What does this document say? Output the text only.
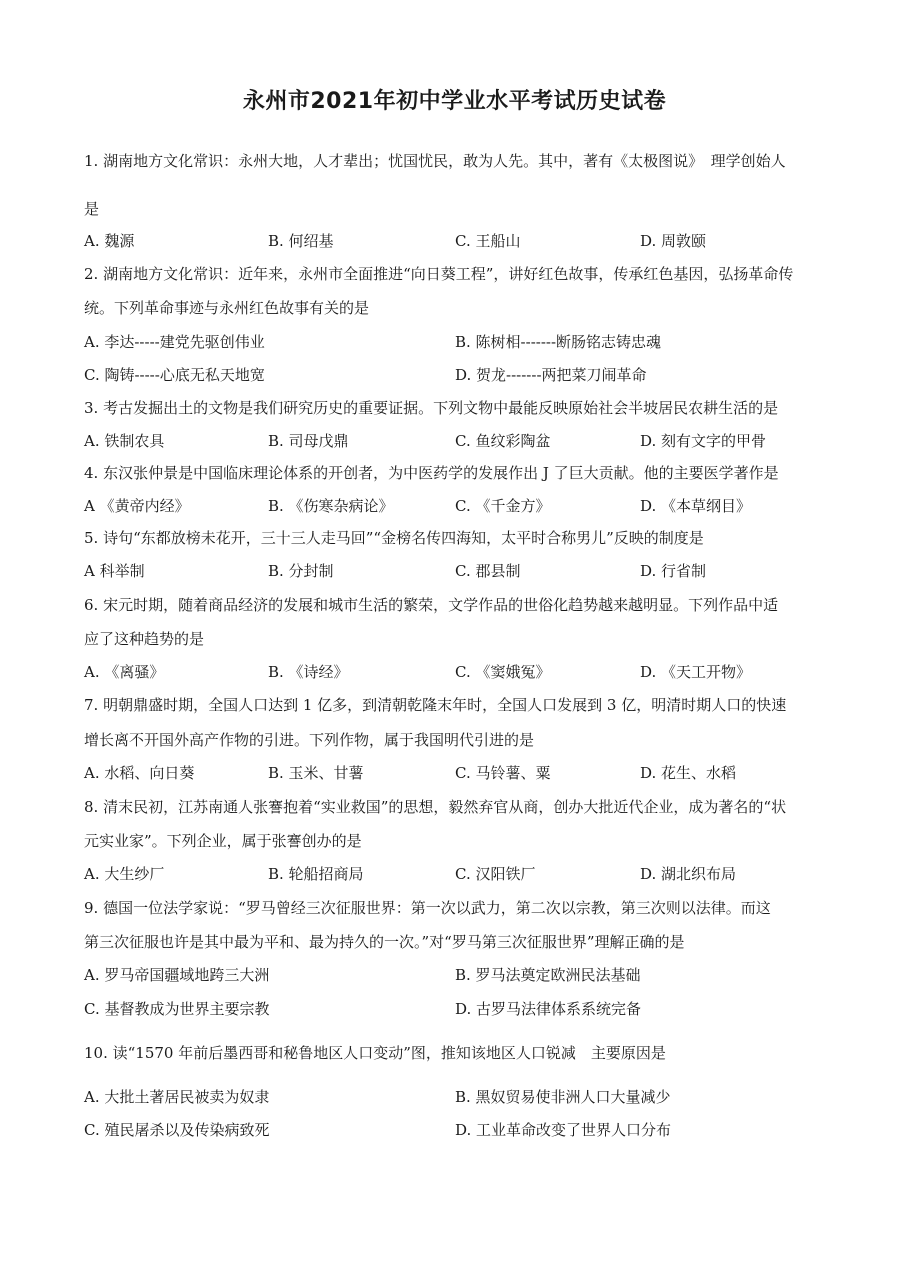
永州市2021年初中学业水平考试历史试卷
1. 湖南地方文化常识：永州大地，人才辈出；忧国忧民，敢为人先。其中，著有《太极图说》　理学创始人
是
A. 魏源	B. 何绍基	C. 王船山	D. 周敦颐
2. 湖南地方文化常识：近年来，永州市全面推进“向日葵工程”，讲好红色故事，传承红色基因，弘扬革命传
统。下列革命事迹与永州红色故事有关的是
A. 李达-----建党先驱创伟业	B. 陈树相-------断肠铭志铸忠魂
C. 陶铸-----心底无私天地宽	D. 贺龙-------两把菜刀闹革命
3. 考古发掘出土的文物是我们研究历史的重要证据。下列文物中最能反映原始社会半坡居民农耕生活的是
A. 铁制农具	B. 司母戊鼎	C. 鱼纹彩陶盆	D. 刻有文字的甲骨
4. 东汉张仲景是中国临床理论体系的开创者，为中医药学的发展作出 J 了巨大贡献。他的主要医学著作是
A 《黄帝内经》	B. 《伤寒杂病论》	C. 《千金方》	D. 《本草纲目》
5. 诗句“东都放榜未花开，三十三人走马回”“金榜名传四海知，太平时合称男儿”反映的制度是
A 科举制	B. 分封制	C. 郡县制	D. 行省制
6. 宋元时期，随着商品经济的发展和城市生活的繁荣，文学作品的世俗化趋势越来越明显。下列作品中适
应了这种趋势的是
A. 《离骚》	B. 《诗经》	C. 《窦娥冤》	D. 《天工开物》
7. 明朝鼎盛时期，全国人口达到 1 亿多，到清朝乾隆末年时，全国人口发展到 3 亿，明清时期人口的快速
增长离不开国外高产作物的引进。下列作物，属于我国明代引进的是
A. 水稻、向日葵	B. 玉米、甘薯	C. 马铃薯、粟	D. 花生、水稻
8. 清末民初，江苏南通人张謇抱着“实业救国”的思想，毅然弃官从商，创办大批近代企业，成为著名的“状
元实业家”。下列企业，属于张謇创办的是
A. 大生纱厂	B. 轮船招商局	C. 汉阳铁厂	D. 湖北织布局
9. 德国一位法学家说：“罗马曾经三次征服世界：第一次以武力，第二次以宗教，第三次则以法律。而这
第三次征服也许是其中最为平和、最为持久的一次。”对“罗马第三次征服世界”理解正确的是
A. 罗马帝国疆域地跨三大洲	B. 罗马法奠定欧洲民法基础
C. 基督教成为世界主要宗教	D. 古罗马法律体系系统完备
10. 读“1570 年前后墨西哥和秘鲁地区人口变动”图，推知该地区人口锐减　主要原因是
A. 大批土著居民被卖为奴隶	B. 黑奴贸易使非洲人口大量减少
C. 殖民屠杀以及传染病致死	D. 工业革命改变了世界人口分布
